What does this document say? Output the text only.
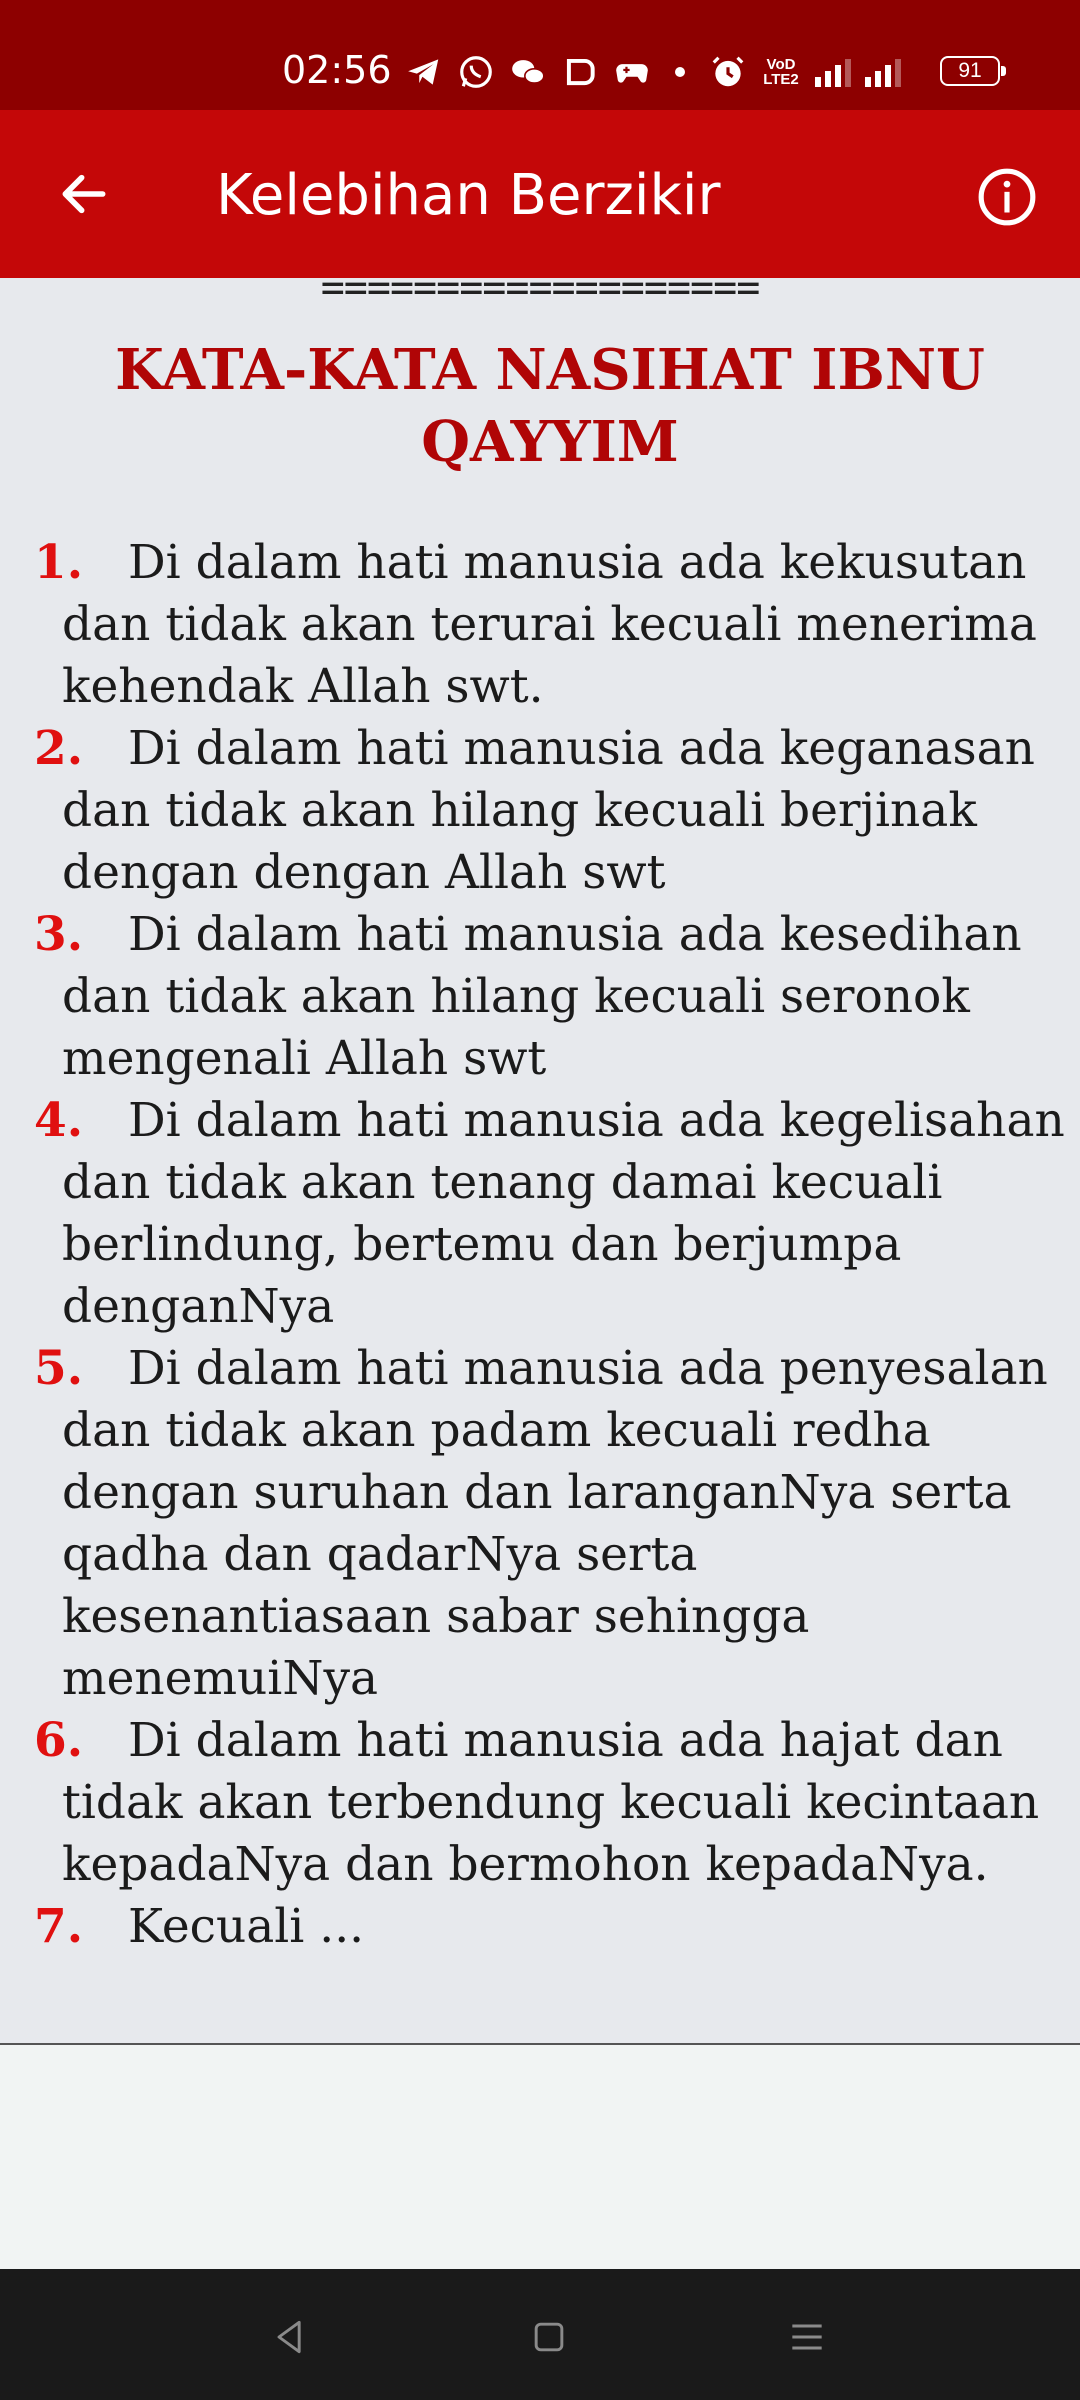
02:56	VoD
LTE2	91
Kelebihan Berzikir
===================
KATA-KATA NASIHAT IBNU QAYYIM
1. Di dalam hati manusia ada kekusutan dan tidak akan terurai kecuali menerima kehendak Allah swt.
2. Di dalam hati manusia ada keganasan dan tidak akan hilang kecuali berjinak dengan dengan Allah swt
3. Di dalam hati manusia ada kesedihan dan tidak akan hilang kecuali seronok mengenali Allah swt
4. Di dalam hati manusia ada kegelisahan dan tidak akan tenang damai kecuali berlindung, bertemu dan berjumpa denganNya
5. Di dalam hati manusia ada penyesalan dan tidak akan padam kecuali redha dengan suruhan dan laranganNya serta qadha dan qadarNya serta kesenantiasaan sabar sehingga menemuiNya
6. Di dalam hati manusia ada hajat dan tidak akan terbendung kecuali kecintaan kepadaNya dan bermohon kepadaNya.
7. Kecuali ...
